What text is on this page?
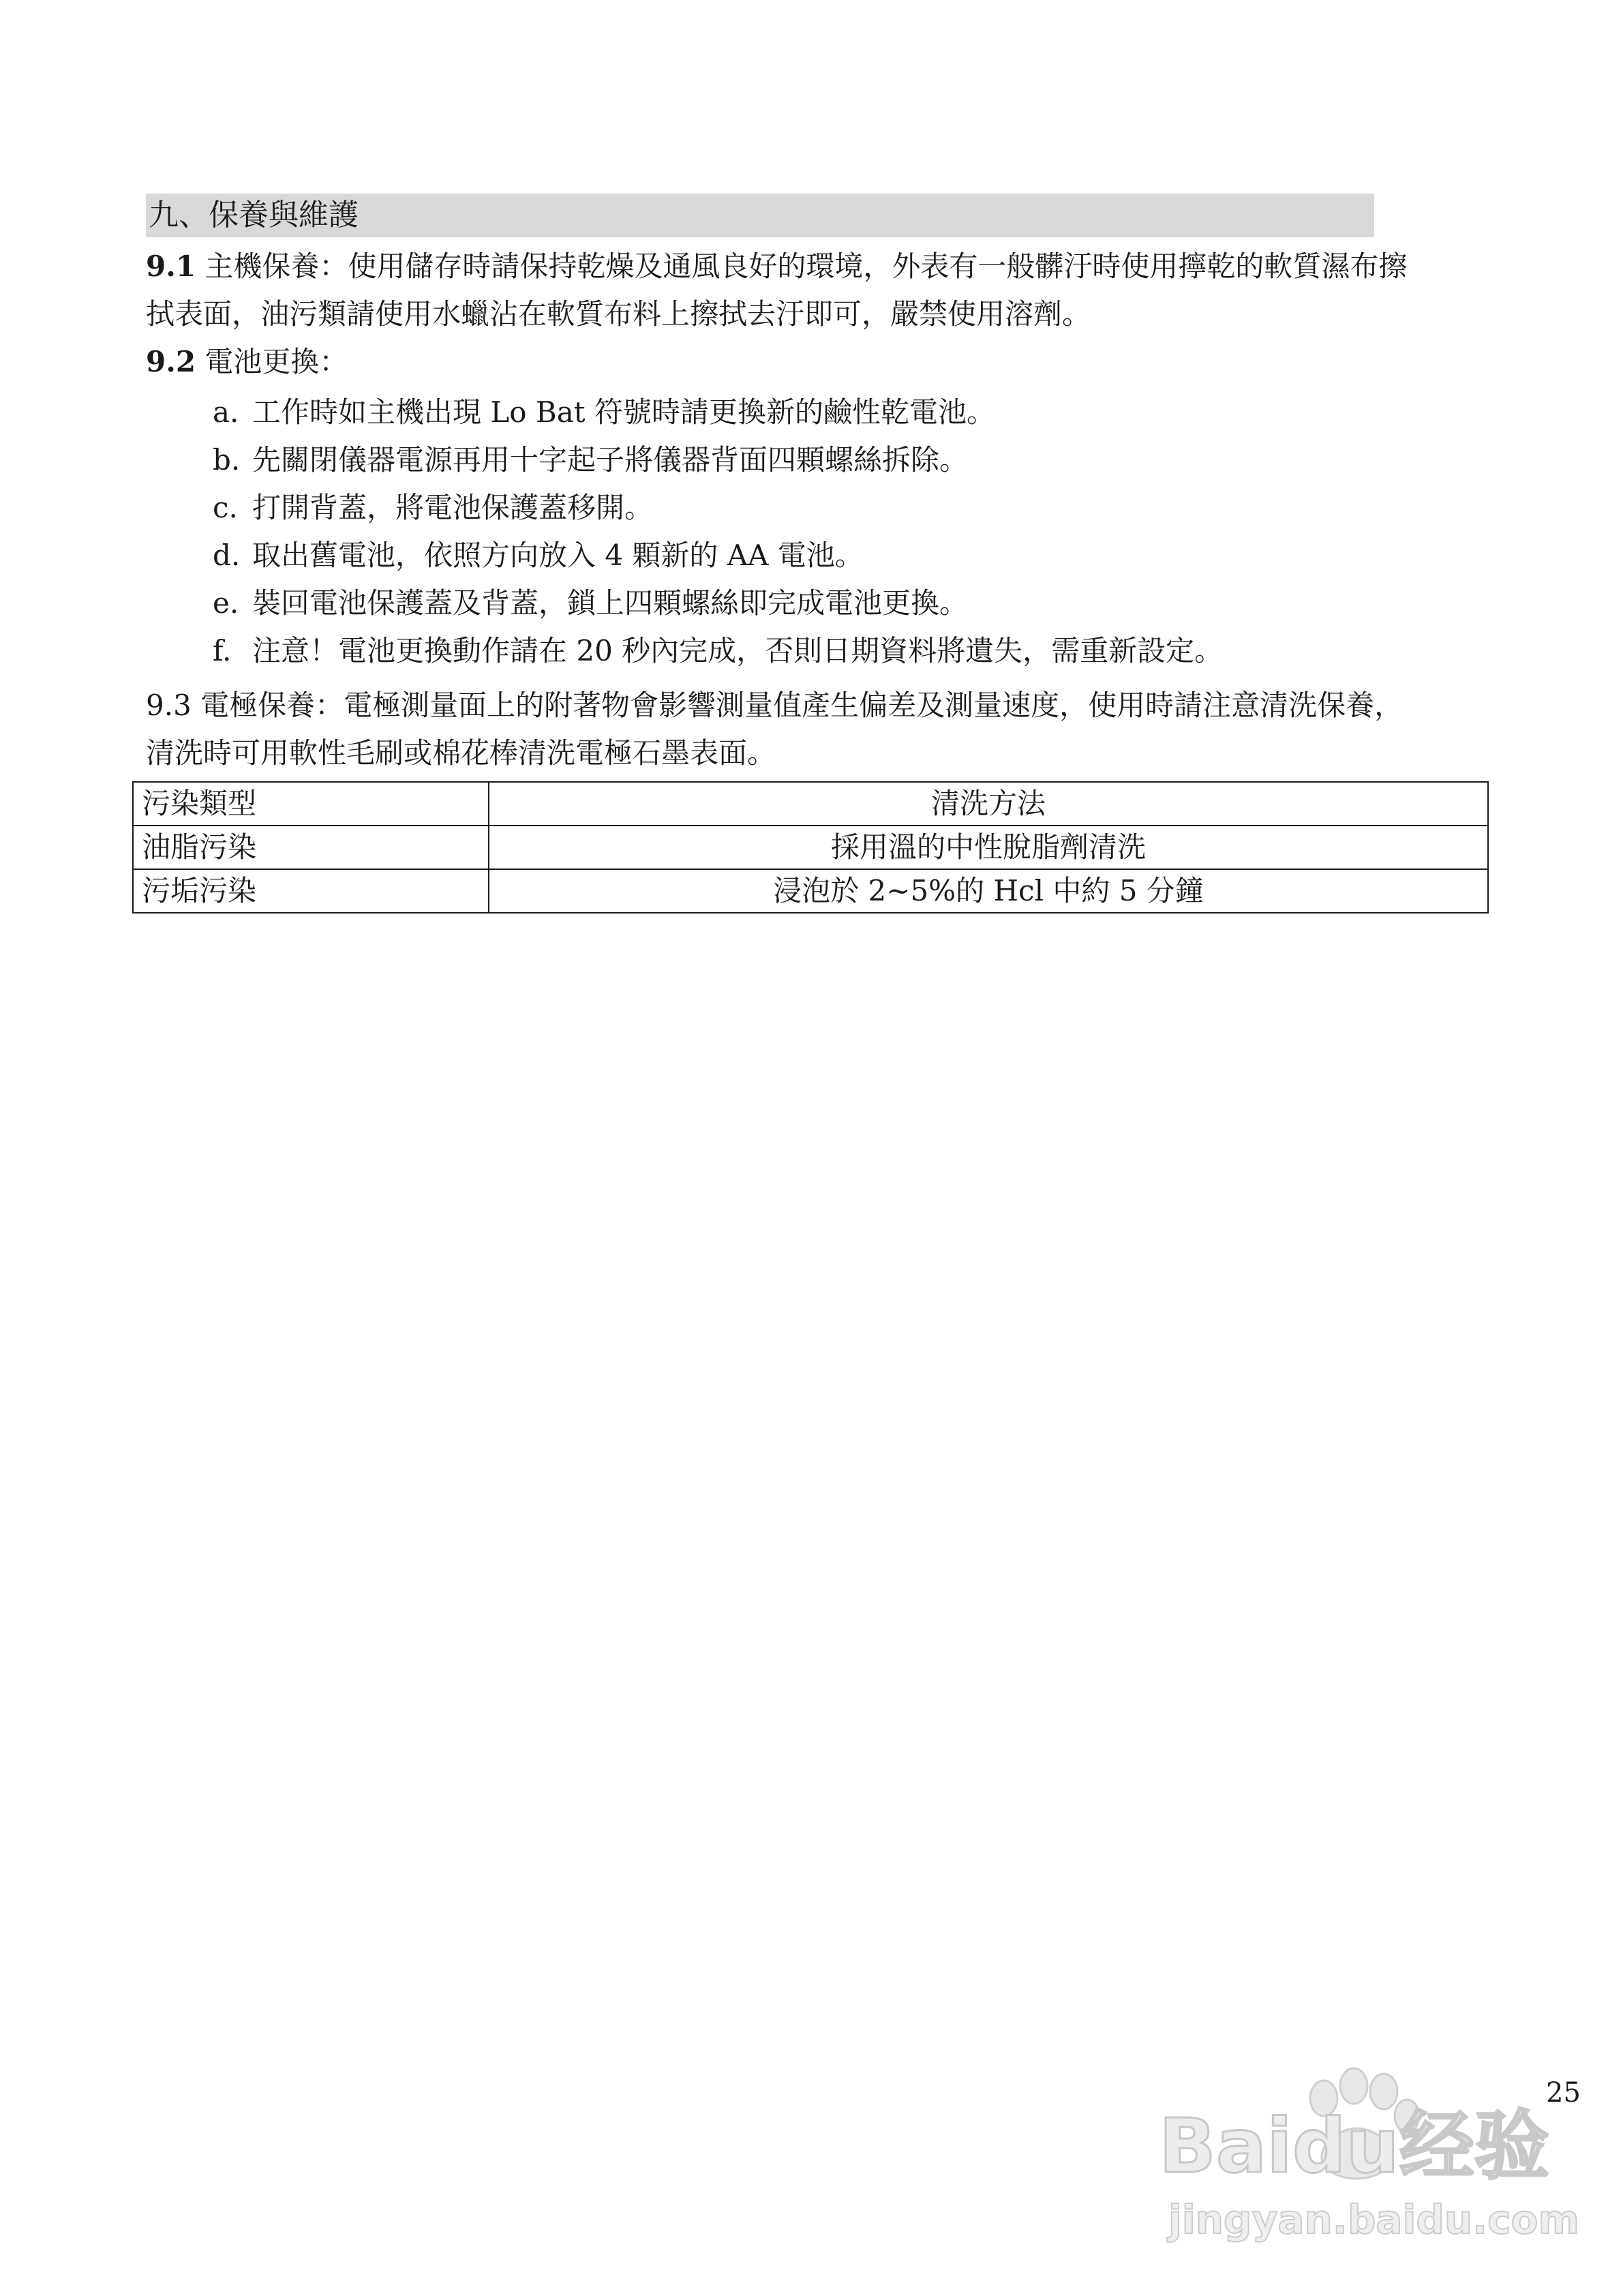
九、保養與維護
9.1 主機保養：使用儲存時請保持乾燥及通風良好的環境，外表有一般髒汙時使用擰乾的軟質濕布擦
拭表面，油污類請使用水蠟沾在軟質布料上擦拭去汙即可，嚴禁使用溶劑。
9.2 電池更換：
a. 工作時如主機出現 Lo Bat 符號時請更換新的鹼性乾電池。
b. 先關閉儀器電源再用十字起子將儀器背面四顆螺絲拆除。
c. 打開背蓋，將電池保護蓋移開。
d. 取出舊電池，依照方向放入 4 顆新的 AA 電池。
e. 裝回電池保護蓋及背蓋，鎖上四顆螺絲即完成電池更換。
f. 注意！電池更換動作請在 20 秒內完成，否則日期資料將遺失，需重新設定。
9.3 電極保養：電極測量面上的附著物會影響測量值產生偏差及測量速度，使用時請注意清洗保養，
清洗時可用軟性毛刷或棉花棒清洗電極石墨表面。
污染類型	清洗方法
油脂污染	採用溫的中性脫脂劑清洗
污垢污染	浸泡於 2~5%的 Hcl 中約 5 分鐘
Baidu经验
jingyan.baidu.com
25
